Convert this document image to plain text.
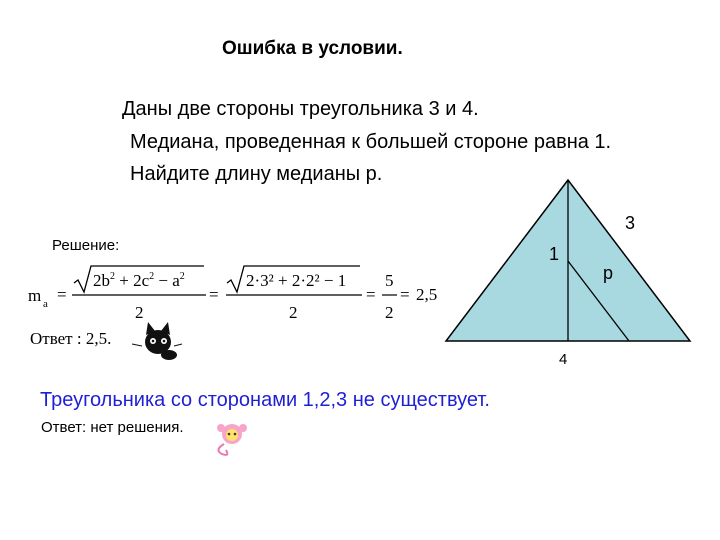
Ошибка в условии.
Даны две стороны треугольника 3 и 4.
Медиана, проведенная к большей стороне равна 1.
Найдите длину медианы р.
Решение:
m a =
$2b^2 + 2c^2 - a^2$
2
=
2·3² + 2·2² − 1
2
=
5
2
= 2,5
Ответ : 2,5.
3
1
p
4
Треугольника со сторонами 1,2,3 не существует.
Ответ: нет решения.
